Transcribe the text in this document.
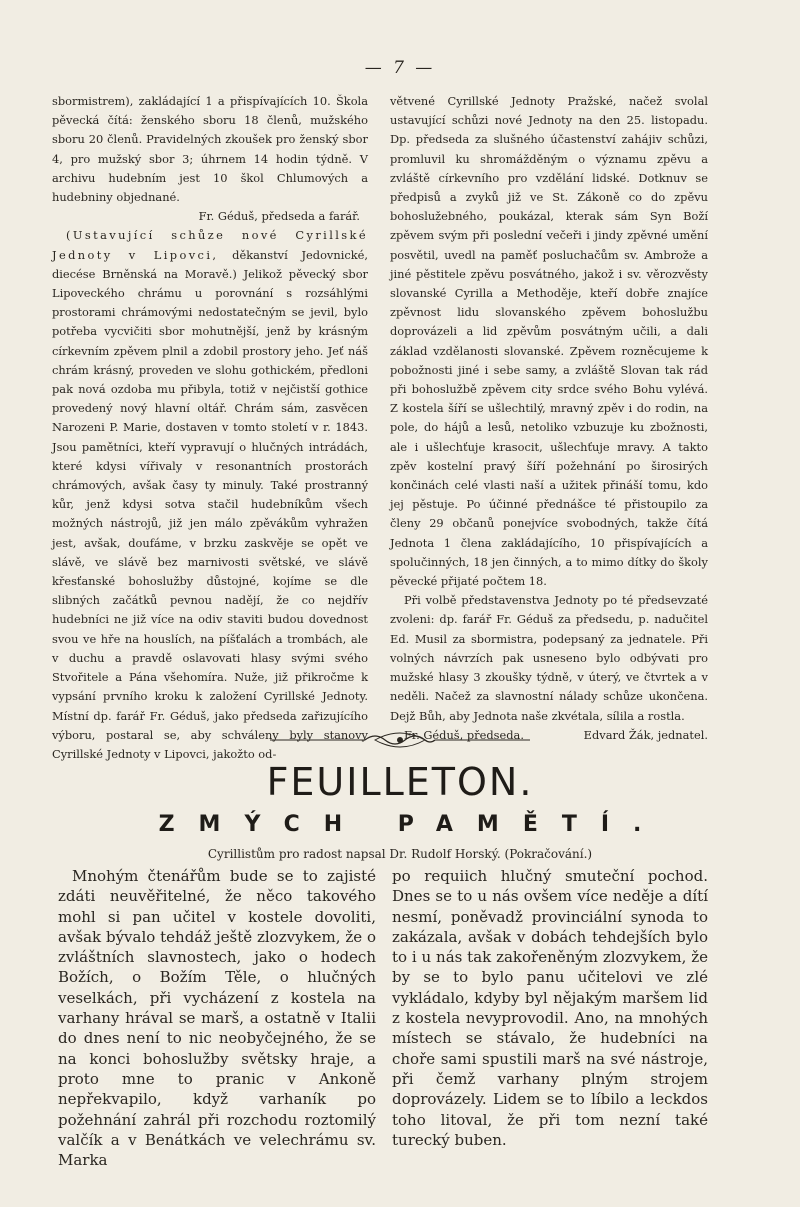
— 7 —

sbormistrem), zakládající 1 a přispívajících 10. Škola pěvecká čítá: ženského sboru 18 členů, mužského sboru 20 členů. Pravidelných zkoušek pro ženský sbor 4, pro mužský sbor 3; úhrnem 14 hodin týdně. V archivu hudebním jest 10 škol Chlumových a hudebniny objednané.

Fr. Géduš, předseda a farář.

(Ustavující schůze nové Cyrillské Jednoty v Lipovci, děkanství Jedovnické, diecése Brněnská na Moravě.) Jelikož pěvecký sbor Lipoveckého chrámu u porovnání s rozsáhlými prostorami chrámovými nedostatečným se jevil, bylo potřeba vycvičiti sbor mohutnější, jenž by krásným církevním zpěvem plnil a zdobil prostory jeho. Jeť náš chrám krásný, proveden ve slohu gothickém, předloni pak nová ozdoba mu přibyla, totiž v nejčistší gothice provedený nový hlavní oltář. Chrám sám, zasvěcen Narozeni P. Marie, dostaven v tomto století v r. 1843. Jsou pamětníci, kteří vypravují o hlučných intrádách, které kdysi vířivaly v resonantních prostorách chrámových, avšak časy ty minuly. Také prostranný kůr, jenž kdysi sotva stačil hudebníkům všech možných nástrojů, již jen málo zpěvákům vyhražen jest, avšak, doufáme, v brzku zaskvěje se opět ve slávě, ve slávě bez marnivosti světské, ve slávě křesťanské bohoslužby důstojné, kojíme se dle slibných začátků pevnou nadějí, že co nejdřív hudebníci ne již více na odiv staviti budou dovednost svou ve hře na houslích, na píšťalách a trombách, ale v duchu a pravdě oslavovati hlasy svými svého Stvořitele a Pána všehomíra. Nuže, již přikročme k vypsání prvního kroku k založení Cyrillské Jednoty. Místní dp. farář Fr. Géduš, jako předseda zařizujícího výboru, postaral se, aby schváleny byly stanovy Cyrillské Jednoty v Lipovci, jakožto od-

větvené Cyrillské Jednoty Pražské, načež svolal ustavující schůzi nové Jednoty na den 25. listopadu. Dp. předseda za slušného účastenství zahájiv schůzi, promluvil ku shromážděným o významu zpěvu a zvláště církevního pro vzdělání lidské. Dotknuv se předpisů a zvyků již ve St. Zákoně co do zpěvu bohoslužebného, poukázal, kterak sám Syn Boží zpěvem svým při poslední večeři i jindy zpěvné umění posvětil, uvedl na paměť posluchačům sv. Ambrože a jiné pěstitele zpěvu posvátného, jakož i sv. věrozvěsty slovanské Cyrilla a Methoděje, kteří dobře znajíce zpěvnost lidu slovanského zpěvem bohoslužbu doprovázeli a lid zpěvům posvátným učili, a dali základ vzdělanosti slovanské. Zpěvem rozněcujeme k pobožnosti jiné i sebe samy, a zvláště Slovan tak rád při bohoslužbě zpěvem city srdce svého Bohu vylévá. Z kostela šíří se ušlechtilý, mravný zpěv i do rodin, na pole, do hájů a lesů, netoliko vzbuzuje ku zbožnosti, ale i ušlechťuje krasocit, ušlechťuje mravy. A takto zpěv kostelní pravý šíří požehnání po širosirých končinách celé vlasti naší a užitek přináší tomu, kdo jej pěstuje. Po účinné přednášce té přistoupilo za členy 29 občanů ponejvíce svobodných, takže čítá Jednota 1 člena zakládajícího, 10 přispívajících a spolučinných, 18 jen činných, a to mimo dítky do školy pěvecké přijaté počtem 18.

Při volbě představenstva Jednoty po té předsevzaté zvoleni: dp. farář Fr. Géduš za předsedu, p. nadučitel Ed. Musil za sbormistra, podepsaný za jednatele. Při volných návrzích pak usneseno bylo odbývati pro mužské hlasy 3 zkoušky týdně, v úterý, ve čtvrtek a v neděli. Načež za slavnostní nálady schůze ukončena. Dejž Bůh, aby Jednota naše zkvétala, sílila a rostla.

Fr. Géduš, předseda.	Edvard Žák, jednatel.
FEUILLETON.
ZMÝCH PAMĚTÍ.
Cyrillistům pro radost napsal Dr. Rudolf Horský. (Pokračování.)

Mnohým čtenářům bude se to zajisté zdáti neuvěřitelné, že něco takového mohl si pan učitel v kostele dovoliti, avšak bývalo tehdáž ještě zlozvykem, že o zvláštních slavnostech, jako o hodech Božích, o Božím Těle, o hlučných veselkách, při vycházení z kostela na varhany hrával se marš, a ostatně v Italii do dnes není to nic neobyčejného, že se na konci bohoslužby světsky hraje, a proto mne to pranic v Ankoně nepřekvapilo, když varhaník po požehnání zahrál při rozchodu roztomilý valčík a v Benátkách ve velechrámu sv. Marka

po requiich hlučný smuteční pochod. Dnes se to u nás ovšem více neděje a dítí nesmí, poněvadž provinciální synoda to zakázala, avšak v dobách tehdejších bylo to i u nás tak zakořeněným zlozvykem, že by se to bylo panu učitelovi ve zlé vykládalo, kdyby byl nějakým maršem lid z kostela nevyprovodil. Ano, na mnohých místech se stávalo, že hudebníci na choře sami spustili marš na své nástroje, při čemž varhany plným strojem doprovázely. Lidem se to líbilo a leckdos toho litoval, že při tom nezní také turecký buben.
